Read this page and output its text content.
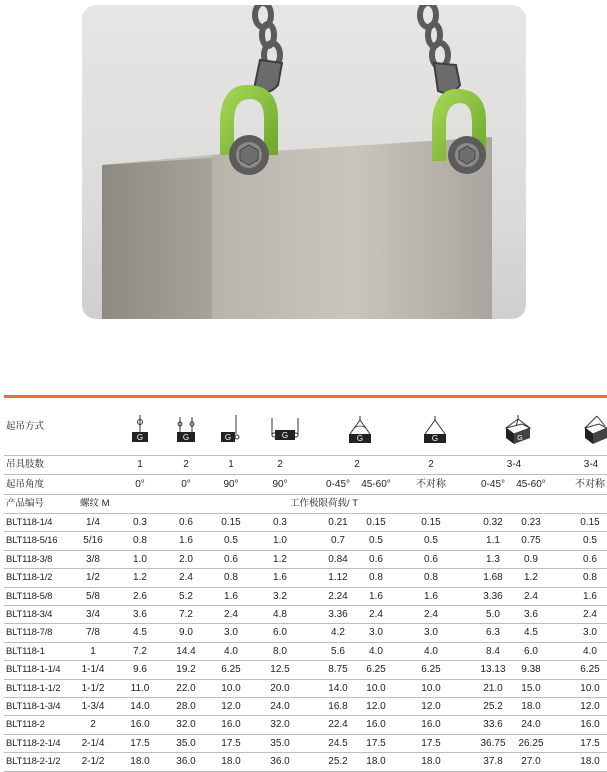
起吊方式
G	G	G	G	G	G	G
吊具肢数	1	2	1	2	2	2	3-4	3-4
起吊角度	0°	0°	90°	90°	0-45° 45-60°	不对称	0-45° 45-60°	不对称
产品编号	螺纹 M	工作极限荷载/ T
BLT118-1/4	1/4	0.3	0.6	0.15	0.3	0.21 0.15	0.15	0.32 0.23	0.15
BLT118-5/16	5/16	0.8	1.6	0.5	1.0	0.7 0.5	0.5	1.1 0.75	0.5
BLT118-3/8	3/8	1.0	2.0	0.6	1.2	0.84 0.6	0.6	1.3 0.9	0.6
BLT118-1/2	1/2	1.2	2.4	0.8	1.6	1.12 0.8	0.8	1.68 1.2	0.8
BLT118-5/8	5/8	2.6	5.2	1.6	3.2	2.24 1.6	1.6	3.36 2.4	1.6
BLT118-3/4	3/4	3.6	7.2	2.4	4.8	3.36 2.4	2.4	5.0 3.6	2.4
BLT118-7/8	7/8	4.5	9.0	3.0	6.0	4.2 3.0	3.0	6.3 4.5	3.0
BLT118-1	1	7.2	14.4	4.0	8.0	5.6 4.0	4.0	8.4 6.0	4.0
BLT118-1-1/4 1-1/4	9.6	19.2	6.25	12.5	8.75 6.25	6.25	13.13 9.38	6.25
BLT118-1-1/2 1-1/2	11.0	22.0	10.0	20.0	14.0 10.0	10.0	21.0 15.0	10.0
BLT118-1-3/4 1-3/4	14.0	28.0	12.0	24.0	16.8 12.0	12.0	25.2 18.0	12.0
BLT118-2	2	16.0	32.0	16.0	32.0	22.4 16.0	16.0	33.6 24.0	16.0
BLT118-2-1/4 2-1/4	17.5	35.0	17.5	35.0	24.5 17.5	17.5	36.75 26.25	17.5
BLT118-2-1/2 2-1/2	18.0	36.0	18.0	36.0	25.2 18.0	18.0	37.8 27.0	18.0
